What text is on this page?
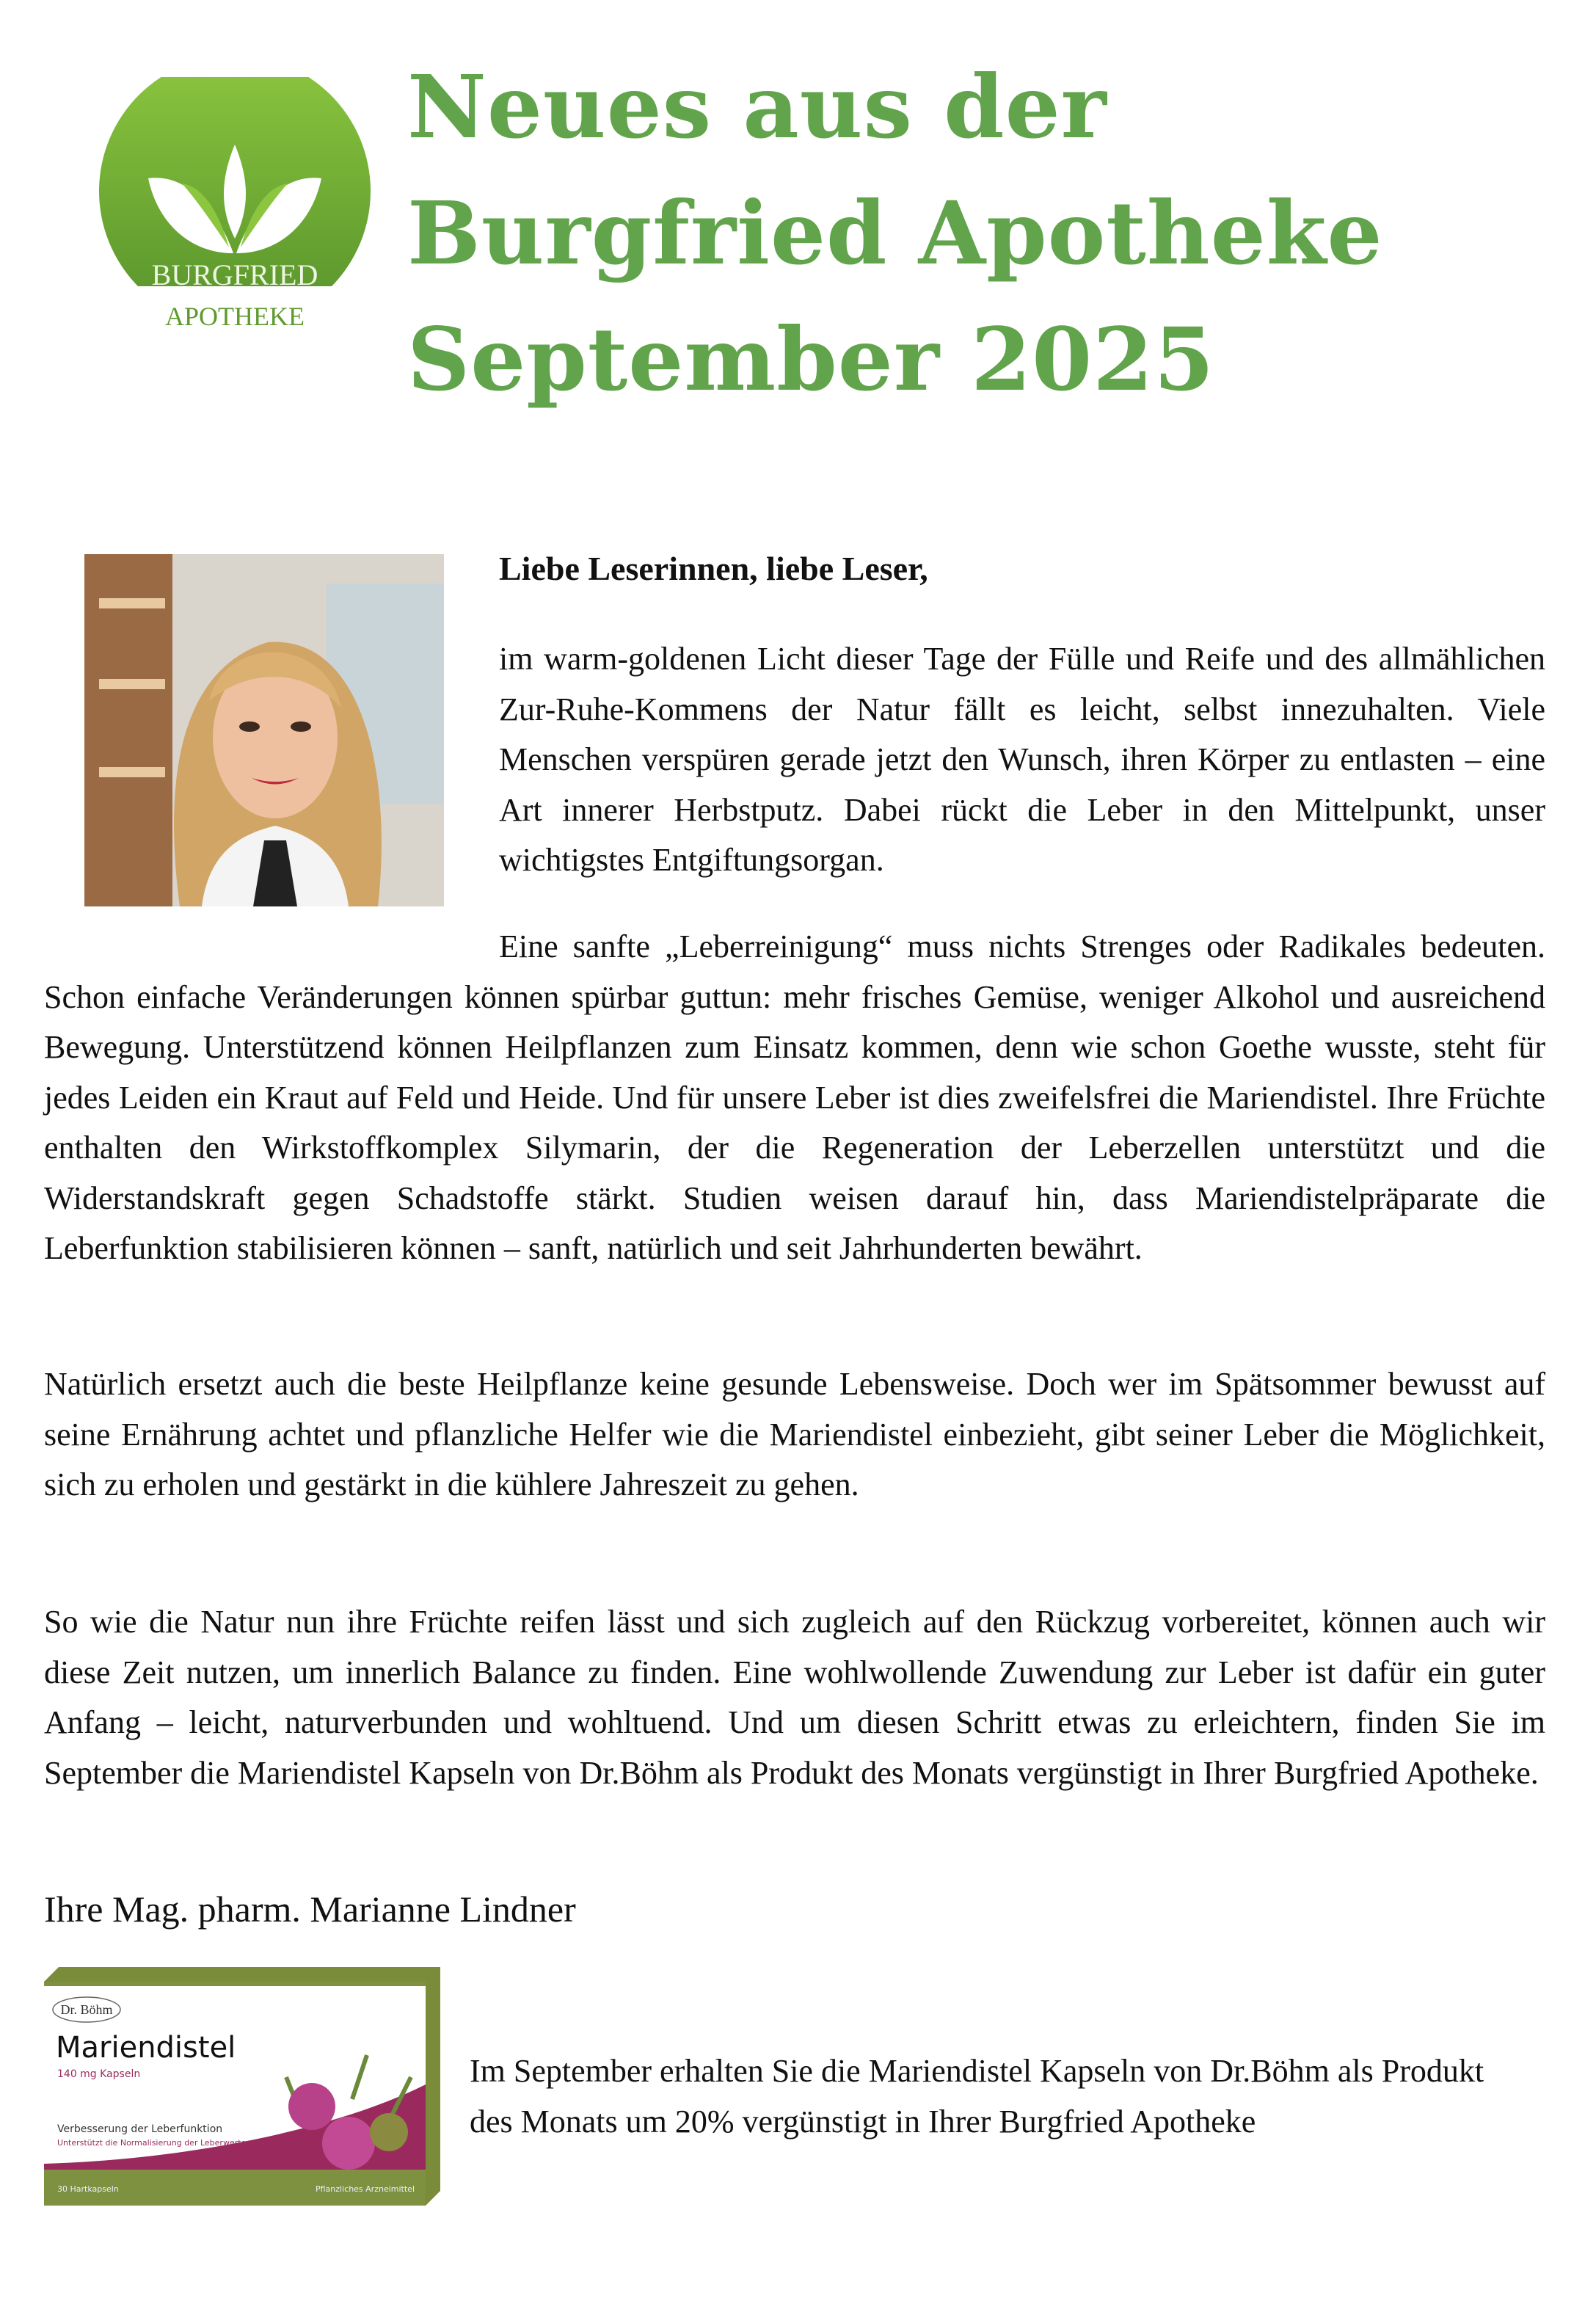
BURGFRIED
APOTHEKE
Neues aus der
Burgfried Apotheke
September 2025
Liebe Leserinnen, liebe Leser,
im warm-goldenen Licht dieser Tage der Fülle und Reife und des allmählichen Zur-Ruhe-Kommens der Natur fällt es leicht, selbst innezuhalten. Viele Menschen verspüren gerade jetzt den Wunsch, ihren Körper zu entlasten – eine Art innerer Herbstputz. Dabei rückt die Leber in den Mittelpunkt, unser wichtigstes Entgiftungsorgan.
Eine sanfte „Leberreinigung“ muss nichts Strenges oder Radikales bedeuten. Schon einfache Veränderungen können spürbar guttun: mehr frisches Gemüse, weniger Alkohol und ausreichend Bewegung. Unterstützend können Heilpflanzen zum Einsatz kommen, denn wie schon Goethe wusste, steht für jedes Leiden ein Kraut auf Feld und Heide. Und für unsere Leber ist dies zweifelsfrei die Mariendistel. Ihre Früchte enthalten den Wirkstoffkomplex Silymarin, der die Regeneration der Leberzellen unterstützt und die Widerstandskraft gegen Schadstoffe stärkt. Studien weisen darauf hin, dass Mariendistelpräparate die Leberfunktion stabilisieren können – sanft, natürlich und seit Jahrhunderten bewährt.
Natürlich ersetzt auch die beste Heilpflanze keine gesunde Lebensweise. Doch wer im Spätsommer bewusst auf seine Ernährung achtet und pflanzliche Helfer wie die Mariendistel einbezieht, gibt seiner Leber die Möglichkeit, sich zu erholen und gestärkt in die kühlere Jahreszeit zu gehen.
So wie die Natur nun ihre Früchte reifen lässt und sich zugleich auf den Rückzug vorbereitet, können auch wir diese Zeit nutzen, um innerlich Balance zu finden. Eine wohlwollende Zuwendung zur Leber ist dafür ein guter Anfang – leicht, naturverbunden und wohltuend. Und um diesen Schritt etwas zu erleichtern, finden Sie im September die Mariendistel Kapseln von Dr.Böhm als Produkt des Monats vergünstigt in Ihrer Burgfried Apotheke.
Ihre Mag. pharm. Marianne Lindner
Dr. Böhm
Mariendistel
140 mg Kapseln
Verbesserung der Leberfunktion
Unterstützt die Normalisierung der Leberwerte
30 Hartkapseln	Pflanzliches Arzneimittel
Im September erhalten Sie die Mariendistel Kapseln von Dr.Böhm als Produkt des Monats um 20% vergünstigt in Ihrer Burgfried Apotheke
